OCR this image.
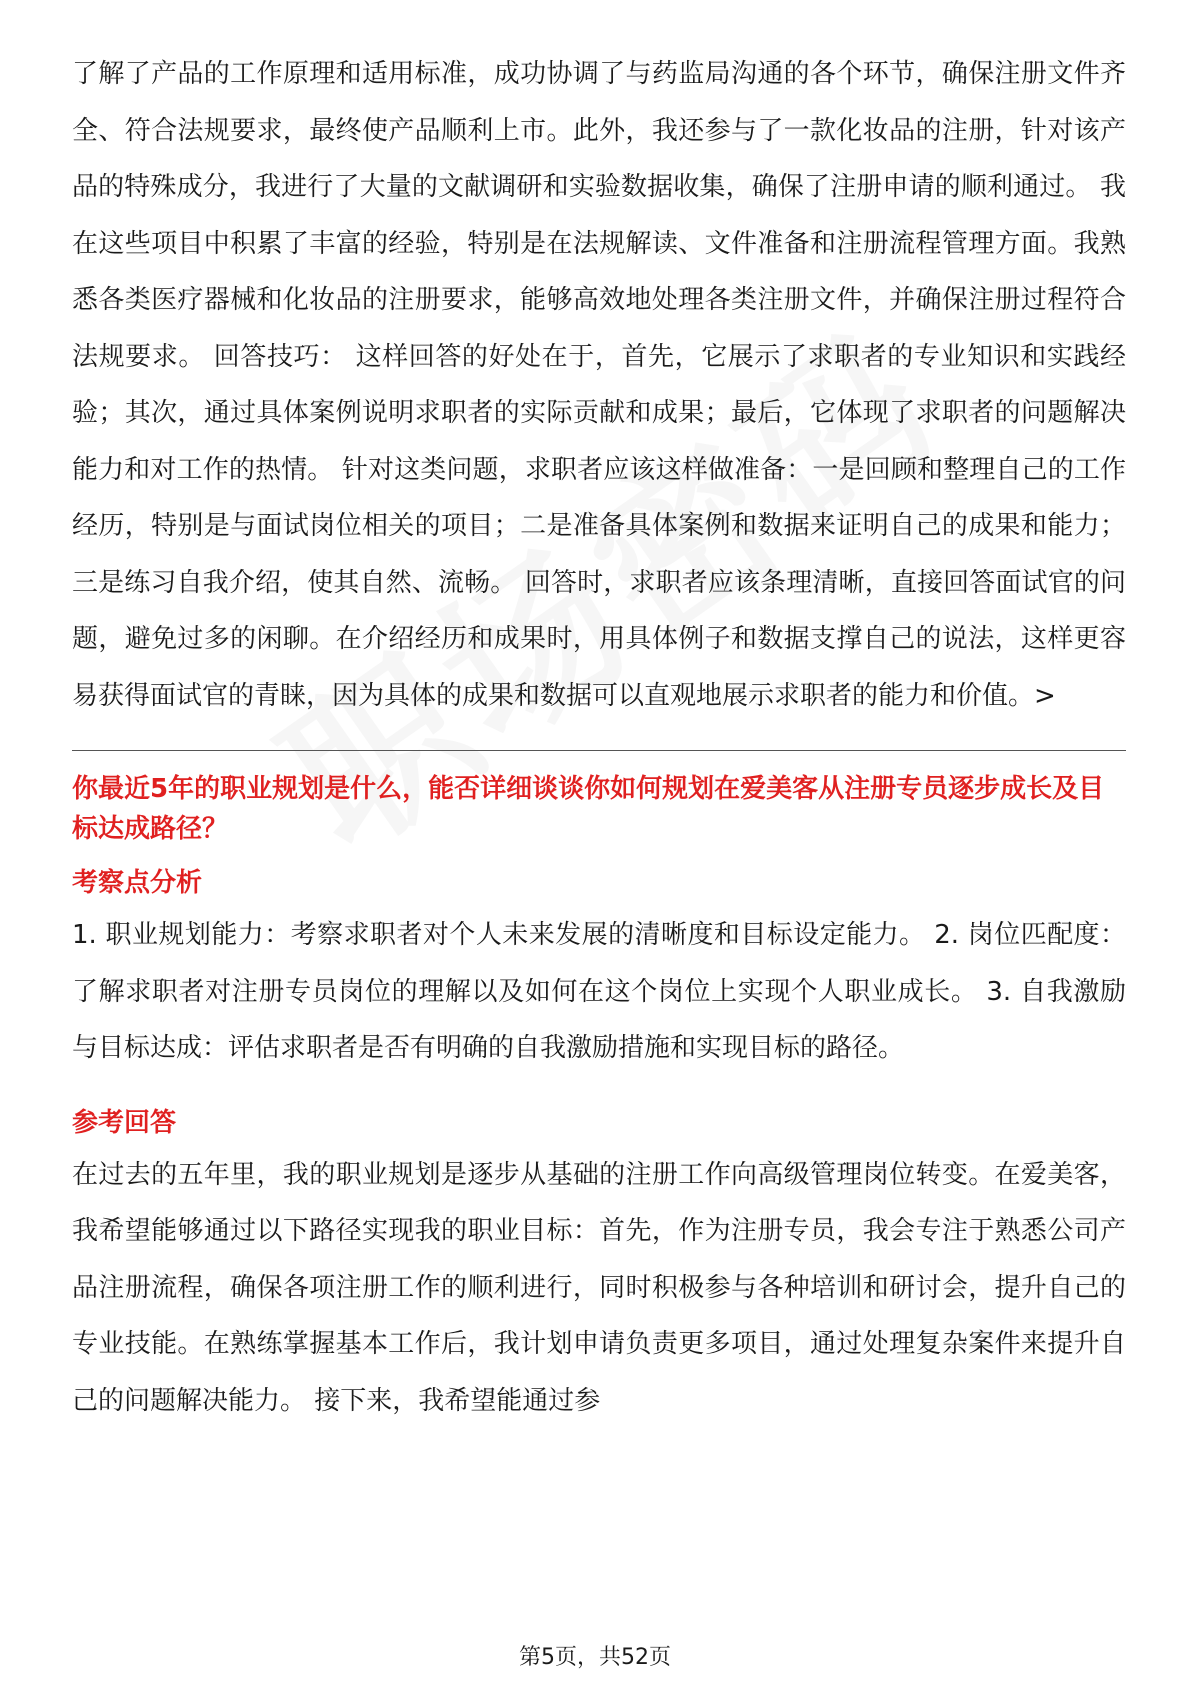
了解了产品的工作原理和适用标准，成功协调了与药监局沟通的各个环节，确保注册文件齐全、符合法规要求，最终使产品顺利上市。此外，我还参与了一款化妆品的注册，针对该产品的特殊成分，我进行了大量的文献调研和实验数据收集，确保了注册申请的顺利通过。 我在这些项目中积累了丰富的经验，特别是在法规解读、文件准备和注册流程管理方面。我熟悉各类医疗器械和化妆品的注册要求，能够高效地处理各类注册文件，并确保注册过程符合法规要求。 回答技巧： 这样回答的好处在于，首先，它展示了求职者的专业知识和实践经验；其次，通过具体案例说明求职者的实际贡献和成果；最后，它体现了求职者的问题解决能力和对工作的热情。 针对这类问题，求职者应该这样做准备：一是回顾和整理自己的工作经历，特别是与面试岗位相关的项目；二是准备具体案例和数据来证明自己的成果和能力；三是练习自我介绍，使其自然、流畅。 回答时，求职者应该条理清晰，直接回答面试官的问题，避免过多的闲聊。在介绍经历和成果时，用具体例子和数据支撑自己的说法，这样更容易获得面试官的青睐，因为具体的成果和数据可以直观地展示求职者的能力和价值。>

你最近5年的职业规划是什么，能否详细谈谈你如何规划在爱美客从注册专员逐步成长及目标达成路径？

考察点分析

1. 职业规划能力：考察求职者对个人未来发展的清晰度和目标设定能力。 2. 岗位匹配度：了解求职者对注册专员岗位的理解以及如何在这个岗位上实现个人职业成长。 3. 自我激励与目标达成：评估求职者是否有明确的自我激励措施和实现目标的路径。

参考回答

在过去的五年里，我的职业规划是逐步从基础的注册工作向高级管理岗位转变。在爱美客，我希望能够通过以下路径实现我的职业目标：首先，作为注册专员，我会专注于熟悉公司产品注册流程，确保各项注册工作的顺利进行，同时积极参与各种培训和研讨会，提升自己的专业技能。在熟练掌握基本工作后，我计划申请负责更多项目，通过处理复杂案件来提升自己的问题解决能力。 接下来，我希望能通过参

第5页，共52页
